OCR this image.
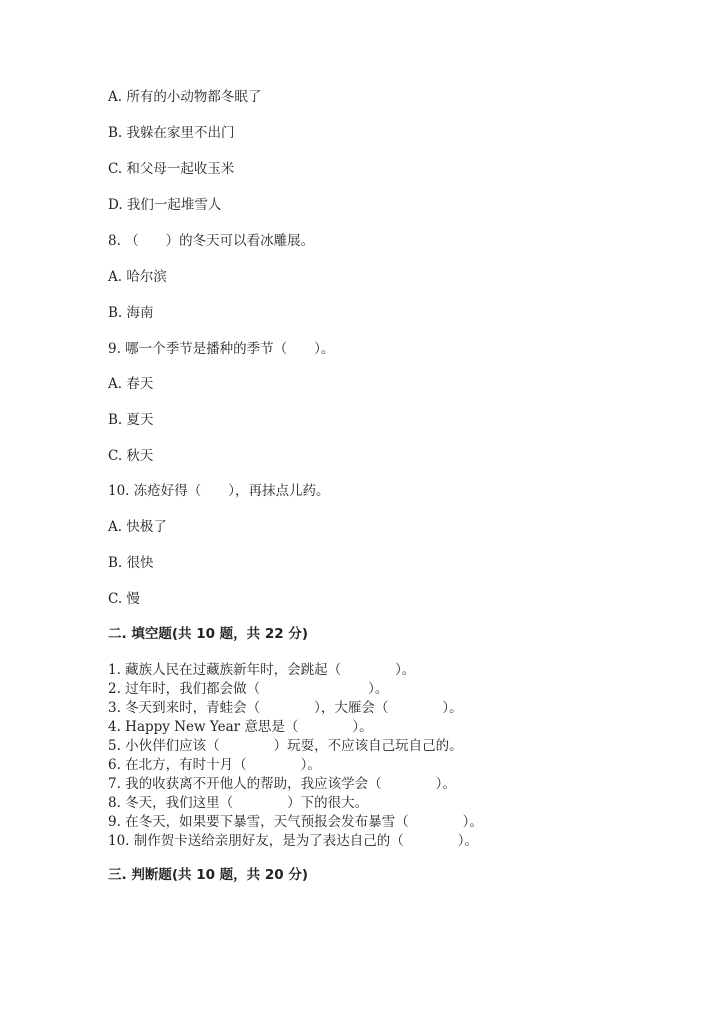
A. 所有的小动物都冬眠了
B. 我躲在家里不出门
C. 和父母一起收玉米
D. 我们一起堆雪人
8. （　　）的冬天可以看冰雕展。
A. 哈尔滨
B. 海南
9. 哪一个季节是播种的季节（　　）。
A. 春天
B. 夏天
C. 秋天
10. 冻疮好得（　　），再抹点儿药。
A. 快极了
B. 很快
C. 慢
二. 填空题(共 10 题，共 22 分)
1. 藏族人民在过藏族新年时，会跳起（　　　　）。
2. 过年时，我们都会做（　　　　　　　　）。
3. 冬天到来时，青蛙会（　　　　），大雁会（　　　　）。
4. Happy New Year 意思是（　　　　）。
5. 小伙伴们应该（　　　　）玩耍，不应该自己玩自己的。
6. 在北方，有时十月（　　　　）。
7. 我的收获离不开他人的帮助，我应该学会（　　　　）。
8. 冬天，我们这里（　　　　）下的很大。
9. 在冬天，如果要下暴雪，天气预报会发布暴雪（　　　　）。
10. 制作贺卡送给亲朋好友，是为了表达自己的（　　　　）。
三. 判断题(共 10 题，共 20 分)
